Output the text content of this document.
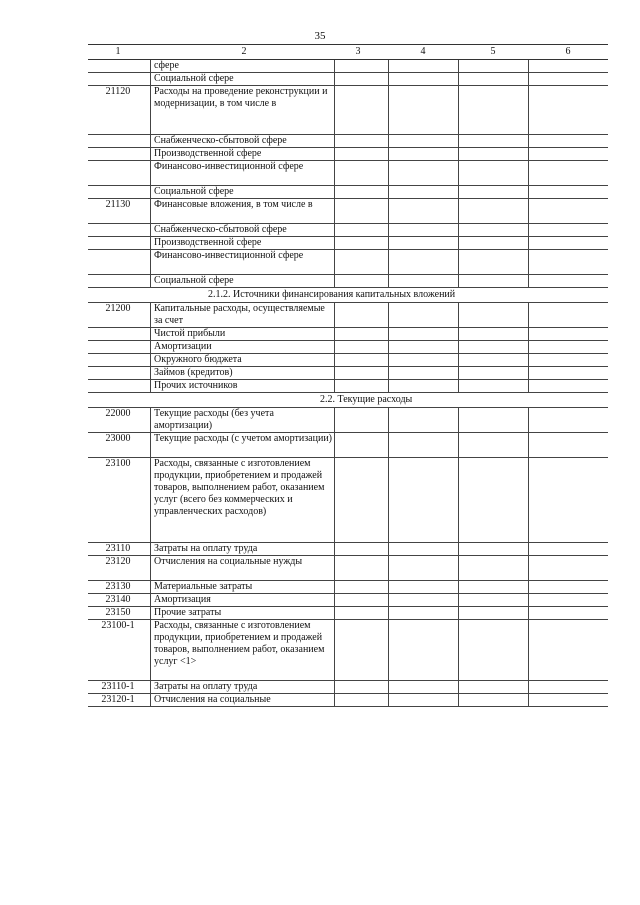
35
1	2	3	4	5	6
сфере
Социальной сфере
21120	Расходы на проведение реконструкции и модернизации, в том числе в
Снабженческо-сбытовой сфере
Производственной сфере
Финансово-инвестиционной сфере
Социальной сфере
21130	Финансовые вложения, в том числе в
Снабженческо-сбытовой сфере
Производственной сфере
Финансово-инвестиционной сфере
Социальной сфере
2.1.2. Источники финансирования капитальных вложений
21200	Капитальные расходы, осуществляемые за счет
Чистой прибыли
Амортизации
Окружного бюджета
Займов (кредитов)
Прочих источников
2.2. Текущие расходы
22000	Текущие расходы (без учета амортизации)
23000	Текущие расходы (с учетом амортизации)
23100	Расходы, связанные с изготовлением продукции, приобретением и продажей товаров, выполнением работ, оказанием услуг (всего без коммерческих и управленческих расходов)
23110	Затраты на оплату труда
23120	Отчисления на социальные нужды
23130	Материальные затраты
23140	Амортизация
23150	Прочие затраты
23100-1	Расходы, связанные с изготовлением продукции, приобретением и продажей товаров, выполнением работ, оказанием услуг <1>
23110-1	Затраты на оплату труда
23120-1	Отчисления на социальные
